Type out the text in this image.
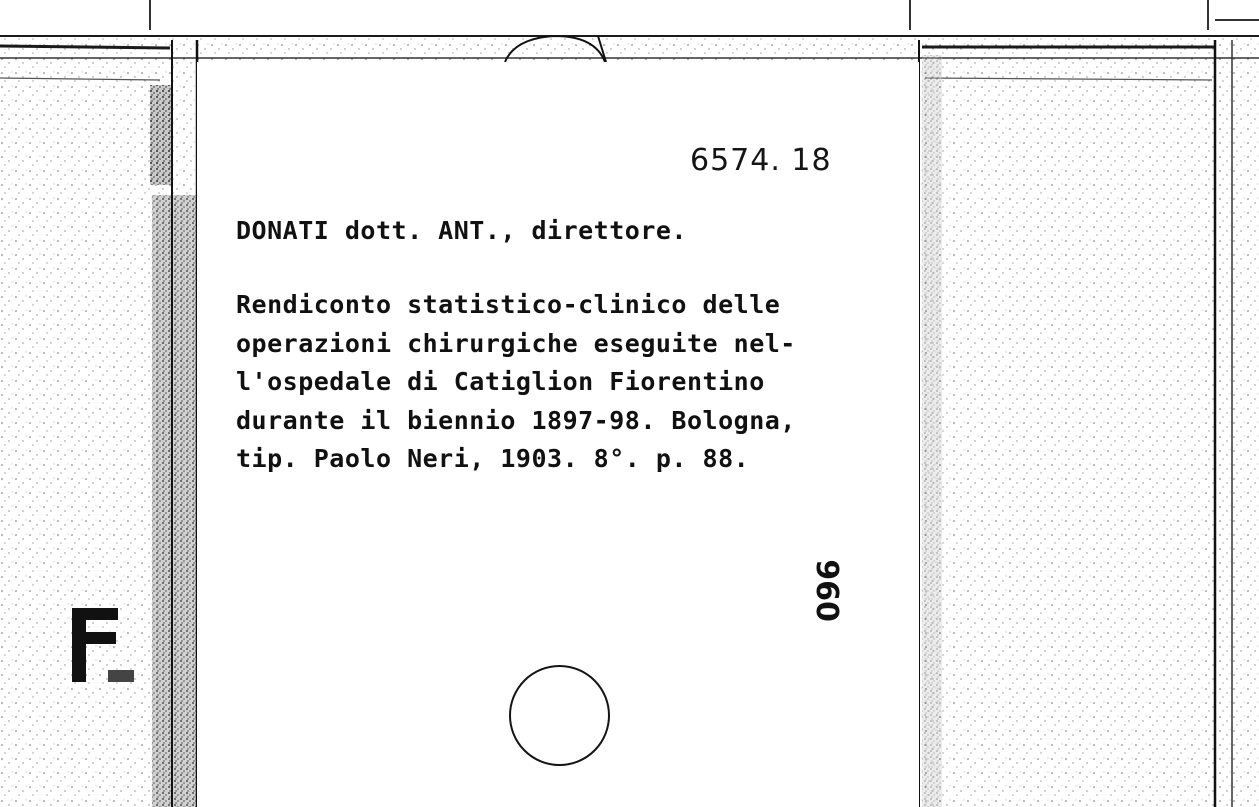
6574. 18
DONATI dott. ANT., direttore.
Rendiconto statistico-clinico delle
operazioni chirurgiche eseguite nel-
l'ospedale di Catiglion Fiorentino
durante il biennio 1897-98. Bologna,
tip. Paolo Neri, 1903. 8°. p. 88.
096
